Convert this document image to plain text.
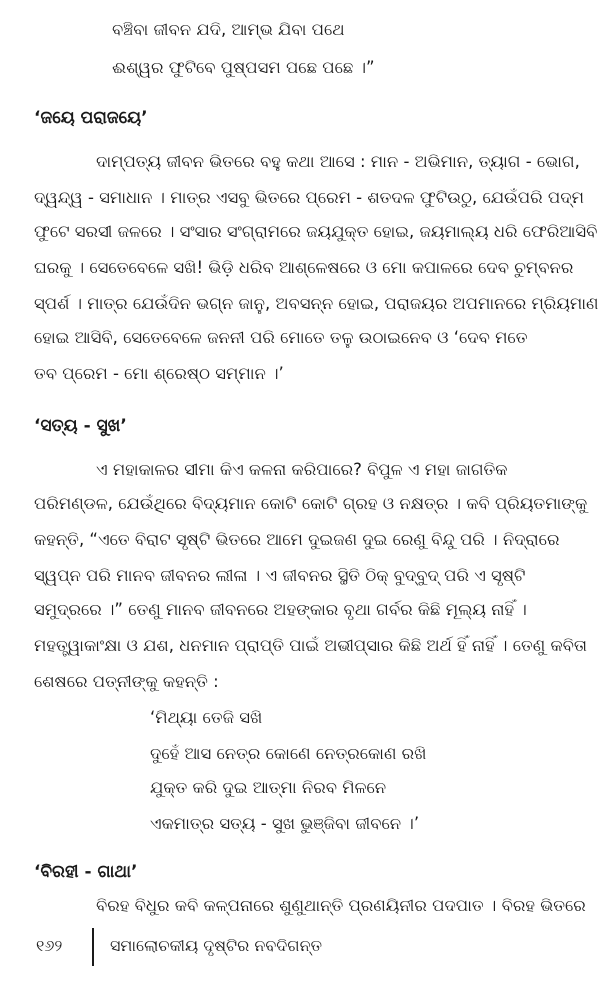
ବଞ୍ଚିବା ଜୀବନ ଯଦି, ଆମ୍ଭ ଯିବା ପଥେ
ଈଶ୍ୱର ଫୁଟିବେ ପୁଷ୍ପସମ ପଛେ ପଛେ ।”
‘ଜୟେ ପରାଜୟେ’
ଦାମ୍ପତ୍ୟ ଜୀବନ ଭିତରେ ବହୁ କଥା ଆସେ : ମାନ - ଅଭିମାନ, ତ୍ୟାଗ - ଭୋଗ,
ଦ୍ୱନ୍ଦ୍ୱ - ସମାଧାନ । ମାତ୍ର ଏସବୁ ଭିତରେ ପ୍ରେମ - ଶତଦଳ ଫୁଟିଉଠୁ, ଯେଉଁପରି ପଦ୍ମ
ଫୁଟେ ସରସୀ ଜଳରେ । ସଂସାର ସଂଗ୍ରାମରେ ଜୟଯୁକ୍ତ ହୋଇ, ଜୟମାଲ୍ୟ ଧରି ଫେରିଆସିବି
ଘରକୁ । ସେତେବେଳେ ସଖି! ଭିଡ଼ି ଧରିବ ଆଶ୍ଳେଷରେ ଓ ମୋ କପାଳରେ ଦେବ ଚୁମ୍ବନର
ସ୍ପର୍ଶ । ମାତ୍ର ଯେଉଁଦିନ ଭଗ୍ନ ଜାନୁ, ଅବସନ୍ନ ହୋଇ, ପରାଜୟର ଅପମାନରେ ମ୍ରିୟମାଣ
ହୋଇ ଆସିବି, ସେତେବେଳେ ଜନନୀ ପରି ମୋତେ ତଳୁ ଉଠାଇନେବ ଓ ‘ଦେବ ମତେ
ତବ ପ୍ରେମ - ମୋ ଶ୍ରେଷ୍ଠ ସମ୍ମାନ ।’
‘ସତ୍ୟ - ସୁଖ’
ଏ ମହାକାଳର ସୀମା କିଏ କଳନା କରିପାରେ? ବିପୁଳ ଏ ମହା ଜାଗତିକ
ପରିମଣ୍ଡଳ, ଯେଉଁଥିରେ ବିଦ୍ୟମାନ କୋଟି କୋଟି ଗ୍ରହ ଓ ନକ୍ଷତ୍ର । କବି ପ୍ରିୟତମାଙ୍କୁ
କହନ୍ତି, “ଏତେ ବିରାଟ ସୃଷ୍ଟି ଭିତରେ ଆମେ ଦୁଇଜଣ ଦୁଇ ରେଣୁ ବିନ୍ଦୁ ପରି । ନିଦ୍ରାରେ
ସ୍ୱପ୍ନ ପରି ମାନବ ଜୀବନର ଲୀଳା । ଏ ଜୀବନର ସ୍ଥିତି ଠିକ୍ ବୁଦ୍‌ବୁଦ୍ ପରି ଏ ସୃଷ୍ଟି
ସମୁଦ୍ରରେ ।” ତେଣୁ ମାନବ ଜୀବନରେ ଅହଙ୍କାର ବୃଥା ଗର୍ବର କିଛି ମୂଲ୍ୟ ନାହିଁ ।
ମହତ୍ତ୍ୱାକାଂକ୍ଷା ଓ ଯଶ, ଧନମାନ ପ୍ରାପ୍ତି ପାଇଁ ଅଭୀପ୍ସାର କିଛି ଅର୍ଥ ହିଁ ନାହିଁ । ତେଣୁ କବିତା
ଶେଷରେ ପତ୍ନୀଙ୍କୁ କହନ୍ତି :
‘ମିଥ୍ୟା ତେଜି ସଖି
ଦୁହେଁ ଆସ ନେତ୍ର କୋଣେ ନେତ୍ରକୋଣ ରଖି
ଯୁକ୍ତ କରି ଦୁଇ ଆତ୍ମା ନିରବ ମିଳନେ
ଏକମାତ୍ର ସତ୍ୟ - ସୁଖ ଭୁଞ୍ଜିବା ଜୀବନେ ।’
‘ବିରହୀ - ଗାଥା’
ବିରହ ବିଧୁର କବି କଳ୍ପନାରେ ଶୁଣୁଥାନ୍ତି ପ୍ରଣୟିନୀର ପଦପାତ । ବିରହ ଭିତରେ
୧୬୨	ସମାଲୋଚକୀୟ ଦୃଷ୍ଟିର ନବଦିଗନ୍ତ
